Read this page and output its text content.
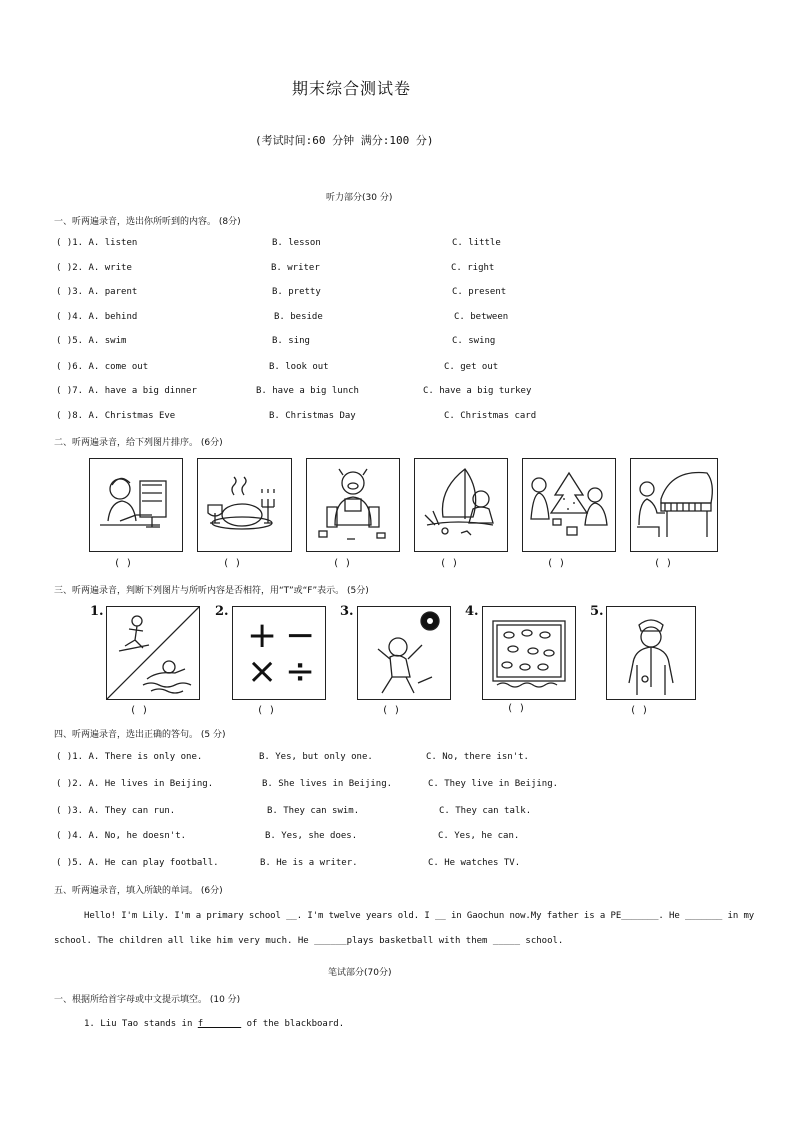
期末综合测试卷
(考试时间:60 分钟 满分:100 分)
听力部分(30 分)
一、听两遍录音，选出你所听到的内容。 (8分)
( )1. A. listen	B. lesson	C. little
( )2. A. write	B. writer	C. right
( )3. A. parent	B. pretty	C. present
( )4. A. behind	B. beside	C. between
( )5. A. swim	B. sing	C. swing
( )6. A. come out	B. look out	C. get out
( )7. A. have a big dinner	B. have a big lunch	C. have a big turkey
( )8. A. Christmas Eve	B. Christmas Day	C. Christmas card
二、听两遍录音，给下列图片排序。 (6分)
( )	( )	( )	( )	( )	( )
三、听两遍录音，判断下列图片与所听内容是否相符，用“T”或“F”表示。 (5分)
1.	2.
+ −
× ÷
3.	4.	5.
( )	( )	( )	( )	( )
四、听两遍录音，选出正确的答句。 (5 分)
( )1. A. There is only one.	B. Yes, but only one.	C. No, there isn't.
( )2. A. He lives in Beijing.	B. She lives in Beijing.	C. They live in Beijing.
( )3. A. They can run.	B. They can swim.	C. They can talk.
( )4. A. No, he doesn't.	B. Yes, she does.	C. Yes, he can.
( )5. A. He can play football.	B. He is a writer.	C. He watches TV.
五、听两遍录音，填入所缺的单词。 (6分)
Hello! I'm Lily. I'm a primary school __. I'm twelve years old. I __ in Gaochun now.My father is a PE_______. He _______ in my
school. The children all like him very much. He ______plays basketball with them _____ school.
笔试部分(70分)
一、根据所给首字母或中文提示填空。 (10 分)
1. Liu Tao stands in f_______ of the blackboard.
